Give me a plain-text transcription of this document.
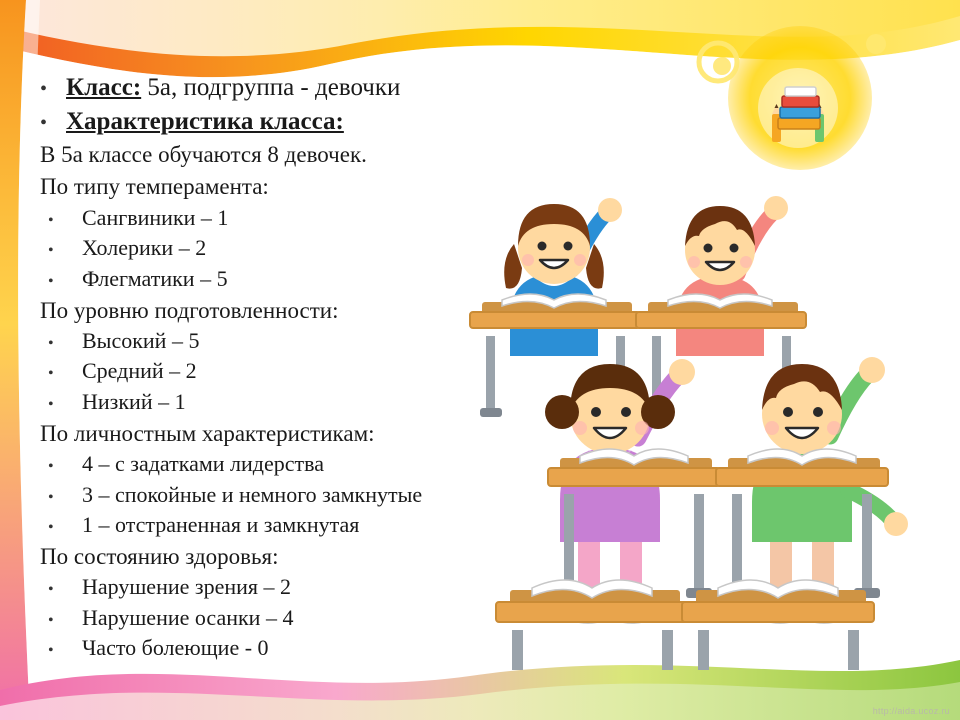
• Класс: 5а, подгруппа - девочки
• Характеристика класса:
В 5а классе обучаются 8 девочек.
По типу темперамента:
•	Сангвиники – 1
•	Холерики – 2
•	Флегматики – 5
По уровню подготовленности:
•	Высокий – 5
•	Средний – 2
•	Низкий – 1
По личностным характеристикам:
•	4 – с задатками лидерства
•	3 – спокойные и немного замкнутые
•	1 – отстраненная и замкнутая
По состоянию здоровья:
•	Нарушение зрения – 2
•	Нарушение осанки – 4
•	Часто болеющие - 0
http://aida.ucoz.ru
